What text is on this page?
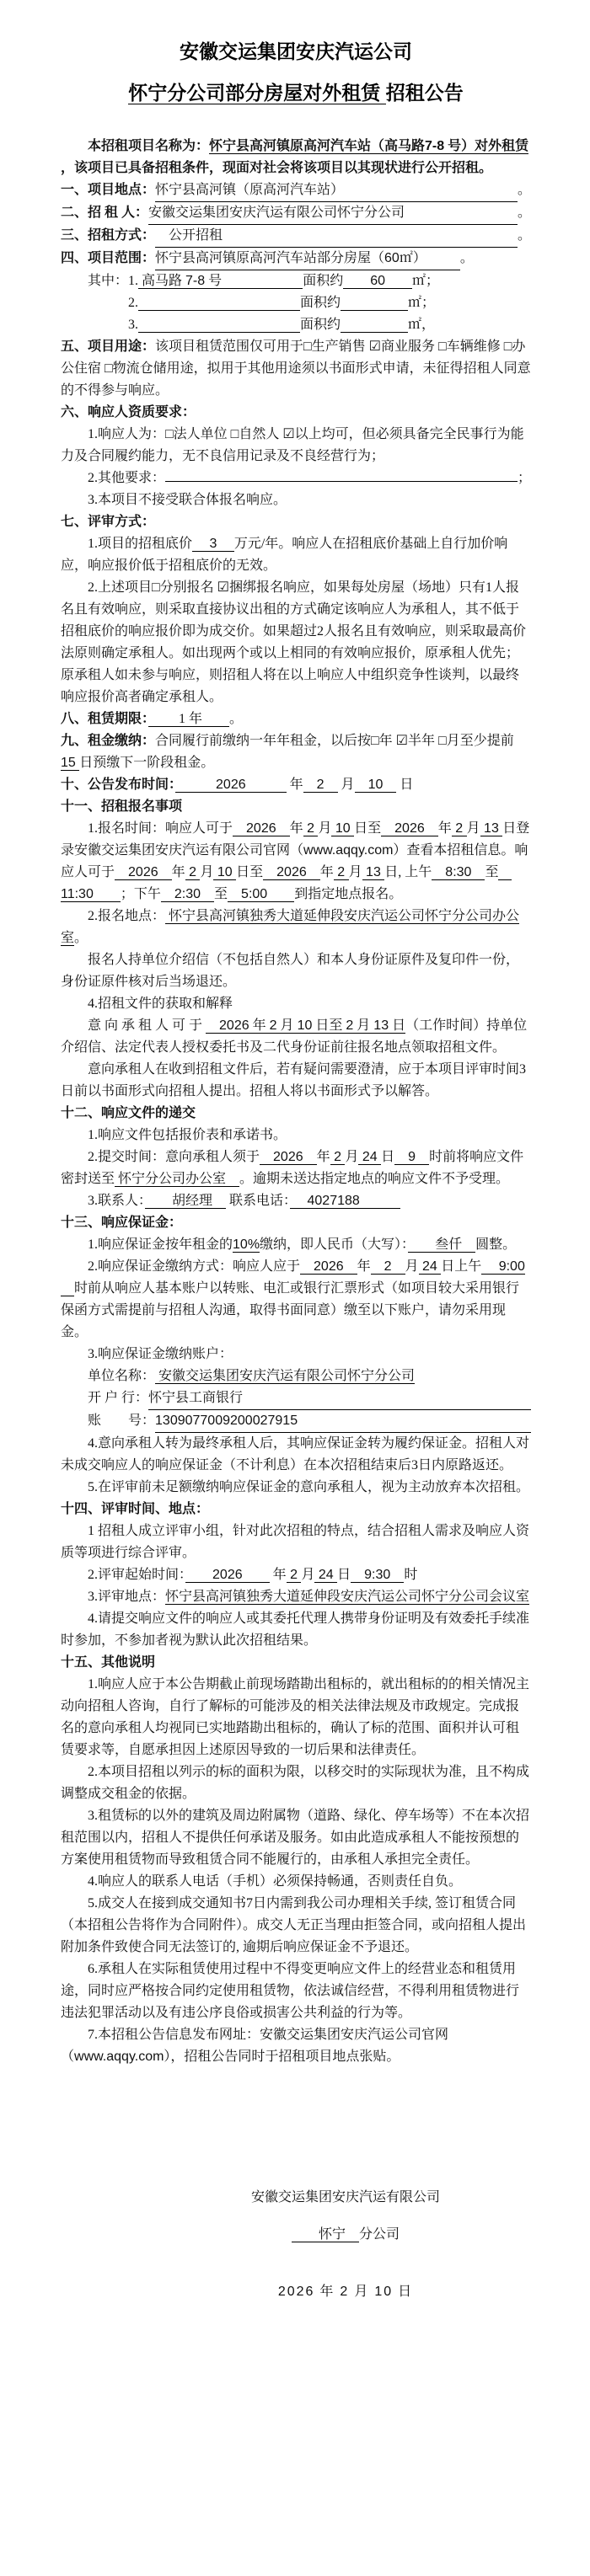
安徽交运集团安庆汽运公司
怀宁分公司部分房屋对外租赁 招租公告

本招租项目名称为：怀宁县高河镇原高河汽车站（高马路7-8 号）对外租赁 ，该项目已具备招租条件，现面对社会将该项目以其现状进行公开招租。

一、项目地点： 怀宁县高河镇（原高河汽车站）	。
二、招 租 人： 安徽交运集团安庆汽运有限公司怀宁分公司	。
三、招租方式： 　公开招租	。
四、项目范围： 怀宁县高河镇原高河汽车站部分房屋（ 60 ㎡）　　　 。

其中：1. 高马路 7-8 号　　　　　　	面积约　　 60　　 ㎡；

2.　　　　　　　　　　　　	面积约　　　　　	㎡；

3.　　　　　　　　　　　　	面积约　　　　　	㎡，

五、项目用途：该项目租赁范围仅可用于□生产销售 ☑商业服务 □车辆维修 □办公住宿 □物流仓储用途，拟用于其他用途须以书面形式申请，未征得招租人同意的不得参与响应。

六、响应人资质要求：

1.响应人为：□法人单位 □自然人 ☑以上均可，但必须具备完全民事行为能力及合同履约能力，无不良信用记录及不良经营行为；

2.其他要求：	；

3.本项目不接受联合体报名响应。

七、评审方式：

1.项目的招租底价　 3 　万元/年。响应人在招租底价基础上自行加价响应，响应报价低于招租底价的无效。

2.上述项目□分别报名 ☑捆绑报名响应，如果每处房屋（场地）只有1人报名且有效响应，则采取直接协议出租的方式确定该响应人为承租人，其不低于招租底价的响应报价即为成交价。如果超过2人报名且有效响应，则采取最高价法原则确定承租人。如出现两个或以上相同的有效响应报价，原承租人优先；原承租人如未参与响应，则招租人将在以上响应人中组织竞争性谈判，以最终响应报价高者确定承租人。

八、租赁期限：　　 1 年　　。

九、租金缴纳：合同履行前缴纳一年年租金，以后按□年 ☑半年 □月至少提前 15 日预缴下一阶段租金。

十、公告发布时间：　　　2026　　　 年　2　 月　10　 日

十一、招租报名事项

1.报名时间：响应人可于　2026　年 2 月 10 日至　2026　年 2 月 13 日登录安徽交运集团安庆汽运有限公司官网（www.aqqy.com）查看本招租信息。响应人可于　2026　年 2 月 10 日至　2026　年 2 月 13 日, 上午　8:30　至　11:30　　；下午　2:30　至　5:00　　到指定地点报名。

2.报名地点： 怀宁县高河镇独秀大道延伸段安庆汽运公司怀宁分公司办公室。

报名人持单位介绍信（不包括自然人）和本人身份证原件及复印件一份，身份证原件核对后当场退还。

4.招租文件的获取和解释

意 向 承 租 人 可 于 　2026 年 2 月 10 日至 2 月 13 日（工作时间）持单位介绍信、法定代表人授权委托书及二代身份证前往报名地点领取招租文件。

意向承租人在收到招租文件后，若有疑问需要澄清，应于本项目评审时间3日前以书面形式向招租人提出。招租人将以书面形式予以解答。

十二、响应文件的递交

1.响应文件包括报价表和承诺书。

2.提交时间：意向承租人须于　2026　年 2 月 24 日　9　时前将响应文件密封送至 怀宁分公司办公室　。逾期未送达指定地点的响应文件不予受理。

3.联系人：　　胡经理　 联系电话：　 4027188　　　

十三、响应保证金：

1.响应保证金按年租金的10%缴纳，即人民币（大写）：　　叁仟　圆整。

2.响应保证金缴纳方式：响应人应于　2026　年　2　月 24 日上午　 9:00 　时前从响应人基本账户以转账、电汇或银行汇票形式（如项目较大采用银行保函方式需提前与招租人沟通，取得书面同意）缴至以下账户，请勿采用现金。

3.响应保证金缴纳账户：

单位名称： 安徽交运集团安庆汽运有限公司怀宁分公司

开 户 行： 怀宁县工商银行
账　　号： 1309077009200027915

4.意向承租人转为最终承租人后，其响应保证金转为履约保证金。招租人对未成交响应人的响应保证金（不计利息）在本次招租结束后3日内原路返还。

5.在评审前未足额缴纳响应保证金的意向承租人，视为主动放弃本次招租。

十四、评审时间、地点：

1 招租人成立评审小组，针对此次招租的特点，结合招租人需求及响应人资质等项进行综合评审。

2.评审起始时间：　　2026　　 年 2 月 24 日　9:30　时

3.评审地点：怀宁县高河镇独秀大道延伸段安庆汽运公司怀宁分公司会议室

4.请提交响应文件的响应人或其委托代理人携带身份证明及有效委托手续准时参加，不参加者视为默认此次招租结果。

十五、其他说明

1.响应人应于本公告期截止前现场踏勘出租标的，就出租标的的相关情况主动向招租人咨询，自行了解标的可能涉及的相关法律法规及市政规定。完成报名的意向承租人均视同已实地踏勘出租标的，确认了标的范围、面积并认可租赁要求等，自愿承担因上述原因导致的一切后果和法律责任。

2.本项目招租以列示的标的面积为限，以移交时的实际现状为准，且不构成调整成交租金的依据。

3.租赁标的以外的建筑及周边附属物（道路、绿化、停车场等）不在本次招租范围以内，招租人不提供任何承诺及服务。如由此造成承租人不能按预想的方案使用租赁物而导致租赁合同不能履行的，由承租人承担完全责任。

4.响应人的联系人电话（手机）必须保持畅通，否则责任自负。

5.成交人在接到成交通知书7日内需到我公司办理相关手续, 签订租赁合同（本招租公告将作为合同附件）。成交人无正当理由拒签合同，或向招租人提出附加条件致使合同无法签订的, 逾期后响应保证金不予退还。

6.承租人在实际租赁使用过程中不得变更响应文件上的经营业态和租赁用途，同时应严格按合同约定使用租赁物，依法诚信经营，不得利用租赁物进行违法犯罪活动以及有违公序良俗或损害公共利益的行为等。

7.本招租公告信息发布网址：安徽交运集团安庆汽运公司官网（www.aqqy.com），招租公告同时于招租项目地点张贴。

安徽交运集团安庆汽运有限公司
　　怀宁　分公司
2026 年 2 月 10 日
